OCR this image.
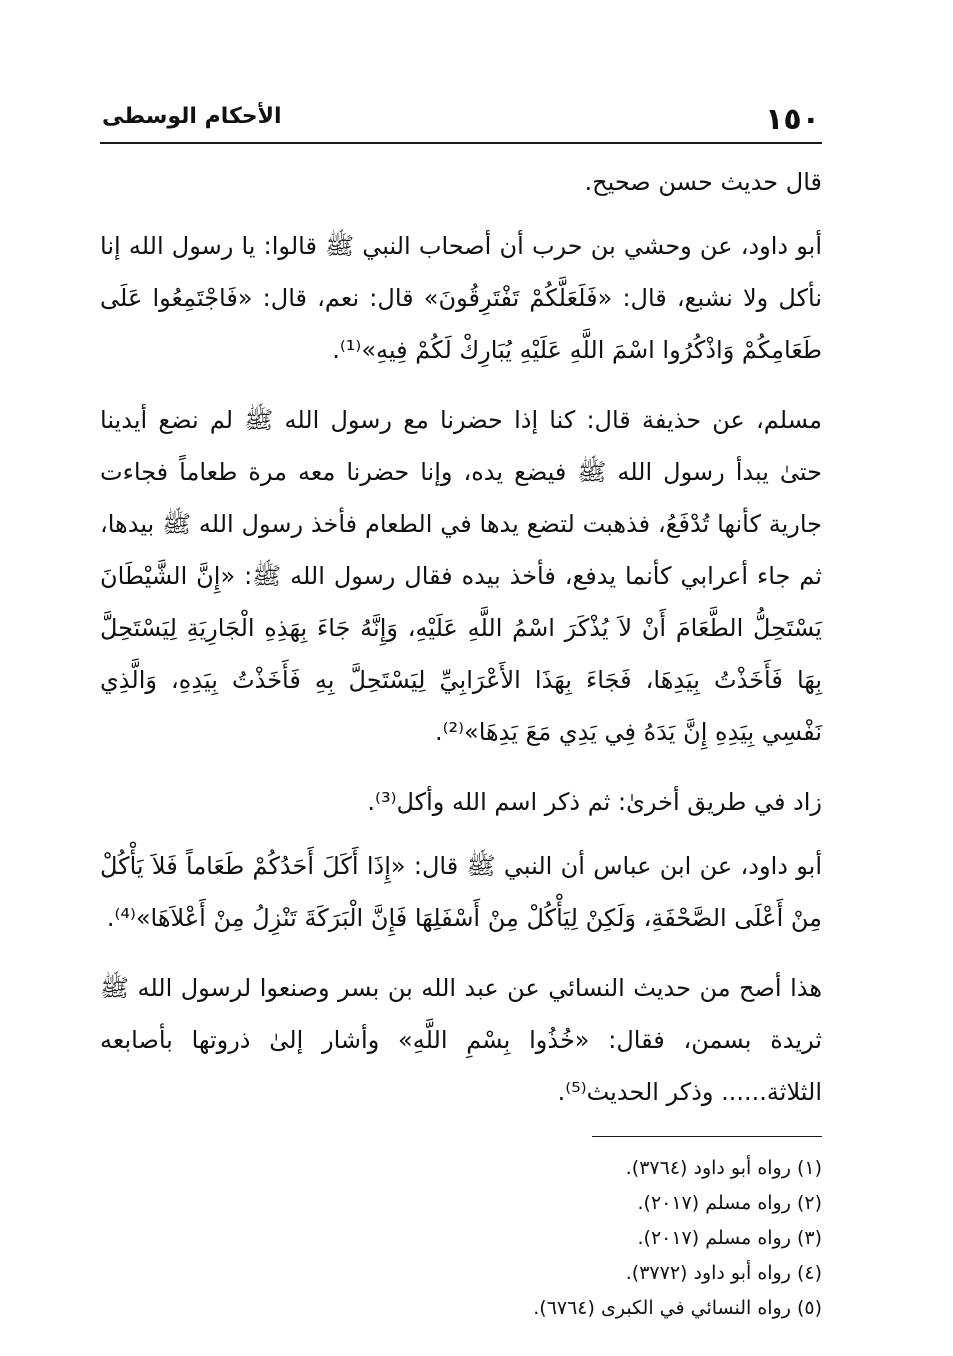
١٥٠
الأحكام الوسطى

قال حديث حسن صحيح.

أبو داود، عن وحشي بن حرب أن أصحاب النبي ﷺ قالوا: يا رسول الله إنا نأكل ولا نشبع، قال: «فَلَعَلَّكُمْ تَفْتَرِقُونَ» قال: نعم، قال: «فَاجْتَمِعُوا عَلَى طَعَامِكُمْ وَاذْكُرُوا اسْمَ اللَّهِ عَلَيْهِ يُبَارِكْ لَكُمْ فِيهِ»⁽¹⁾.

مسلم، عن حذيفة قال: كنا إذا حضرنا مع رسول الله ﷺ لم نضع أيدينا حتىٰ يبدأ رسول الله ﷺ فيضع يده، وإنا حضرنا معه مرة طعاماً فجاءت جارية كأنها تُدْفَعُ، فذهبت لتضع يدها في الطعام فأخذ رسول الله ﷺ بيدها، ثم جاء أعرابي كأنما يدفع، فأخذ بيده فقال رسول الله ﷺ: «إِنَّ الشَّيْطَانَ يَسْتَحِلُّ الطَّعَامَ أَنْ لاَ يُذْكَرَ اسْمُ اللَّهِ عَلَيْهِ، وَإِنَّهُ جَاءَ بِهَذِهِ الْجَارِيَةِ لِيَسْتَحِلَّ بِهَا فَأَخَذْتُ بِيَدِهَا، فَجَاءَ بِهَذَا الأَعْرَابِيِّ لِيَسْتَحِلَّ بِهِ فَأَخَذْتُ بِيَدِهِ، وَالَّذِي نَفْسِي بِيَدِهِ إِنَّ يَدَهُ فِي يَدِي مَعَ يَدِهَا»⁽²⁾.

زاد في طريق أخرىٰ: ثم ذكر اسم الله وأكل⁽³⁾.

أبو داود، عن ابن عباس أن النبي ﷺ قال: «إِذَا أَكَلَ أَحَدُكُمْ طَعَاماً فَلاَ يَأْكُلْ مِنْ أَعْلَى الصَّحْفَةِ، وَلَكِنْ لِيَأْكُلْ مِنْ أَسْفَلِهَا فَإِنَّ الْبَرَكَةَ تَنْزِلُ مِنْ أَعْلاَهَا»⁽⁴⁾.

هذا أصح من حديث النسائي عن عبد الله بن بسر وصنعوا لرسول الله ﷺ ثريدة بسمن، فقال: «خُذُوا بِسْمِ اللَّهِ» وأشار إلىٰ ذروتها بأصابعه الثلاثة...... وذكر الحديث⁽⁵⁾.

(١) رواه أبو داود (٣٧٦٤).
(٢) رواه مسلم (٢٠١٧).
(٣) رواه مسلم (٢٠١٧).
(٤) رواه أبو داود (٣٧٧٢).
(٥) رواه النسائي في الكبرى (٦٧٦٤).
